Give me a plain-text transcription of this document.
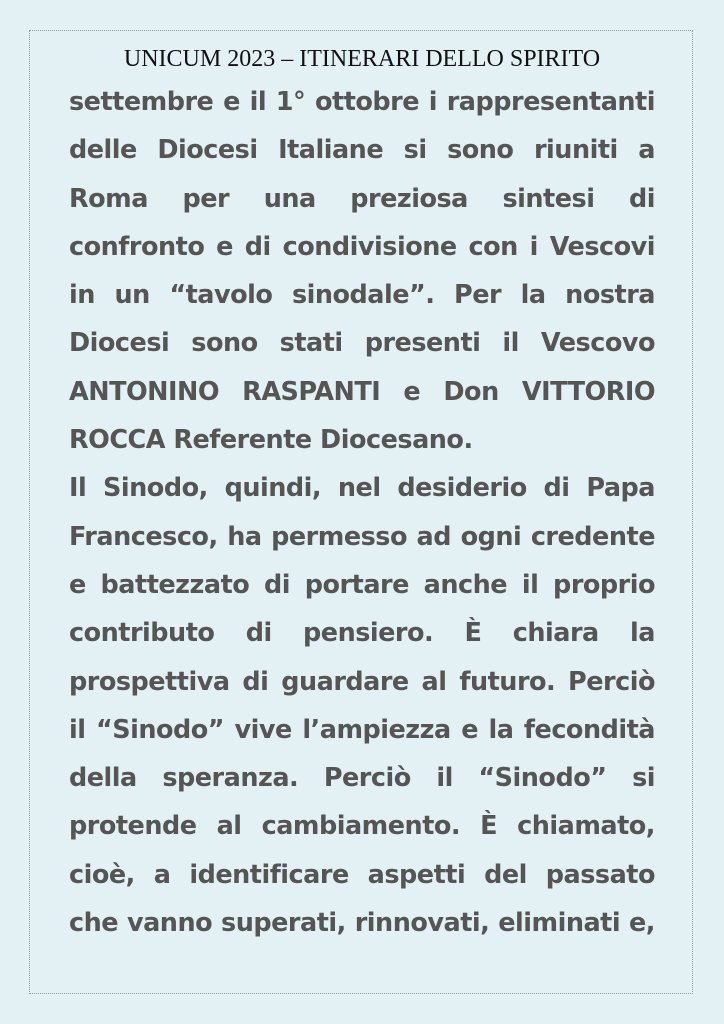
UNICUM 2023 – ITINERARI DELLO SPIRITO
settembre e il 1° ottobre i rappresentanti
delle Diocesi Italiane si sono riuniti a
Roma per una preziosa sintesi di
confronto e di condivisione con i Vescovi
in un “tavolo sinodale”. Per la nostra
Diocesi sono stati presenti il Vescovo
ANTONINO RASPANTI e Don VITTORIO
ROCCA Referente Diocesano.
Il Sinodo, quindi, nel desiderio di Papa
Francesco, ha permesso ad ogni credente
e battezzato di portare anche il proprio
contributo di pensiero. È chiara la
prospettiva di guardare al futuro. Perciò
il “Sinodo” vive l’ampiezza e la fecondità
della speranza. Perciò il “Sinodo” si
protende al cambiamento. È chiamato,
cioè, a identificare aspetti del passato
che vanno superati, rinnovati, eliminati e,
